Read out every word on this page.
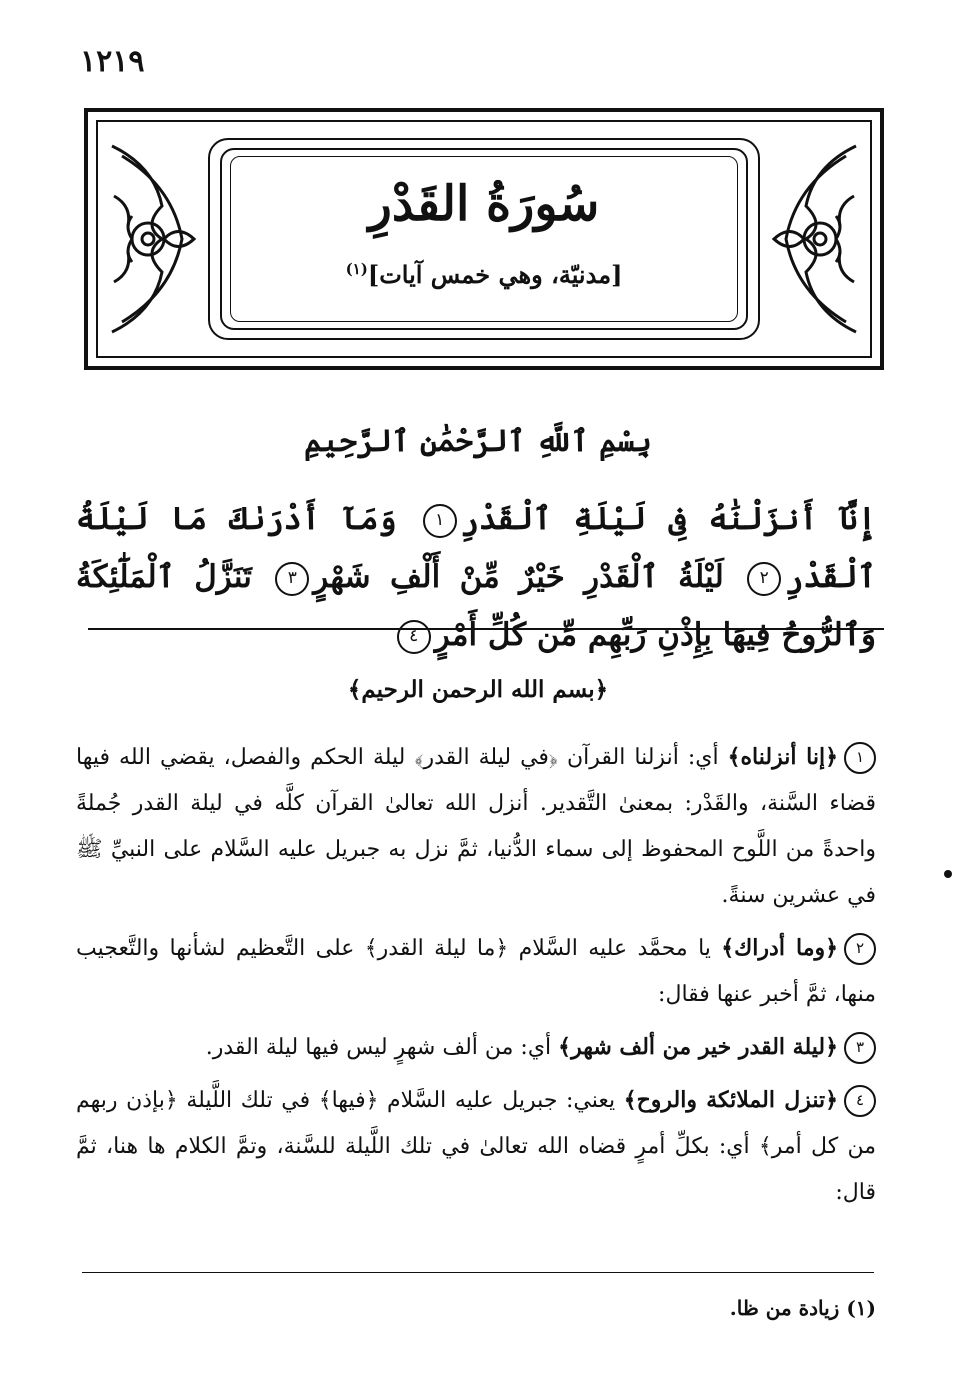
١٢١٩
سُورَةُ القَدْرِ
[مدنيّة، وهي خمس آيات]$^{(١)}$
بِسْمِ ٱللَّهِ ٱلرَّحْمَٰنِ ٱلرَّحِيمِ
إِنَّآ أَنزَلْنَٰهُ فِى لَيْلَةِ ٱلْقَدْرِ١ وَمَآ أَدْرَىٰكَ مَا لَيْلَةُ ٱلْقَدْرِ٢ لَيْلَةُ ٱلْقَدْرِ خَيْرٌ مِّنْ أَلْفِ شَهْرٍ٣ تَنَزَّلُ ٱلْمَلَٰٓئِكَةُ وَٱلرُّوحُ فِيهَا بِإِذْنِ رَبِّهِم مِّن كُلِّ أَمْرٍ٤
﴿بسم الله الرحمن الرحيم﴾

١﴿إنا أنزلناه﴾ أي: أنزلنا القرآن ﴿في ليلة القدر﴾ ليلة الحكم والفصل، يقضي الله فيها قضاء السَّنة، والقَدْر: بمعنىٰ التَّقدير. أنزل الله تعالىٰ القرآن كلَّه في ليلة القدر جُملةً واحدةً من اللَّوح المحفوظ إلى سماء الدُّنيا، ثمَّ نزل به جبريل عليه السَّلام على النبيِّ ﷺ في عشرين سنةً.

٢﴿وما أدراك﴾ يا محمَّد عليه السَّلام ﴿ما ليلة القدر﴾ على التَّعظيم لشأنها والتَّعجيب منها، ثمَّ أخبر عنها فقال:

٣﴿ليلة القدر خير من ألف شهر﴾ أي: من ألف شهرٍ ليس فيها ليلة القدر.

٤﴿تنزل الملائكة والروح﴾ يعني: جبريل عليه السَّلام ﴿فيها﴾ في تلك اللَّيلة ﴿بإذن ربهم من كل أمر﴾ أي: بكلِّ أمرٍ قضاه الله تعالىٰ في تلك اللَّيلة للسَّنة، وتمَّ الكلام ها هنا، ثمَّ قال:

(١) زيادة من ظا.
